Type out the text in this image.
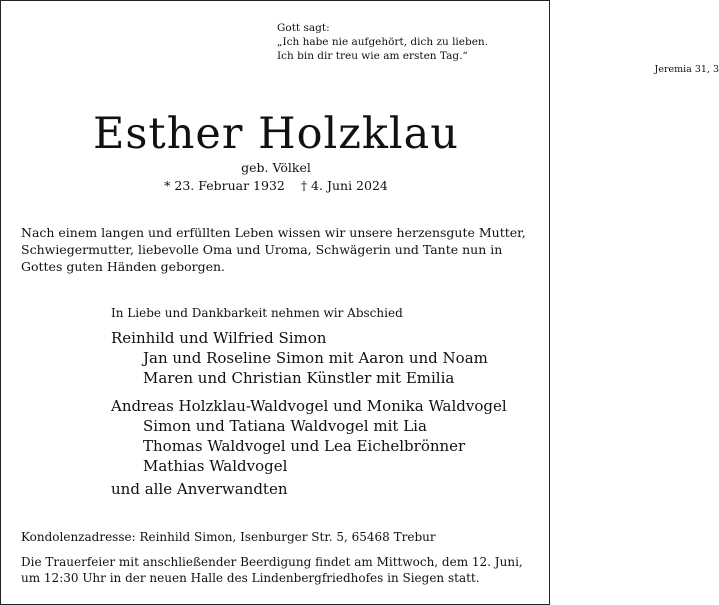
Gott sagt:
„Ich habe nie aufgehört, dich zu lieben.
Ich bin dir treu wie am ersten Tag.“
Jeremia 31, 3
Esther Holzklau
geb. Völkel
* 23. Februar 1932 † 4. Juni 2024
Nach einem langen und erfüllten Leben wissen wir unsere herzensgute Mutter, Schwiegermutter, liebevolle Oma und Uroma, Schwägerin und Tante nun in Gottes guten Händen geborgen.
In Liebe und Dankbarkeit nehmen wir Abschied
Reinhild und Wilfried Simon
Jan und Roseline Simon mit Aaron und Noam
Maren und Christian Künstler mit Emilia
Andreas Holzklau-Waldvogel und Monika Waldvogel
Simon und Tatiana Waldvogel mit Lia
Thomas Waldvogel und Lea Eichelbrönner
Mathias Waldvogel
und alle Anverwandten
Kondolenzadresse: Reinhild Simon, Isenburger Str. 5, 65468 Trebur
Die Trauerfeier mit anschließender Beerdigung findet am Mittwoch, dem 12. Juni, um 12:30 Uhr in der neuen Halle des Lindenbergfriedhofes in Siegen statt.
